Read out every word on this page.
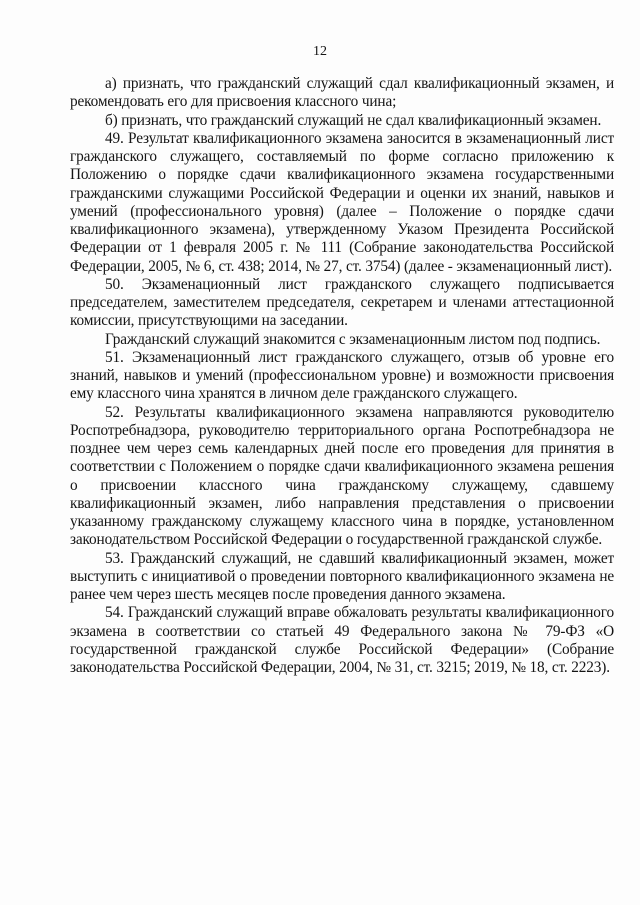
12

а) признать, что гражданский служащий сдал квалификационный экзамен, и рекомендовать его для присвоения классного чина;

б) признать, что гражданский служащий не сдал квалификационный экзамен.

49. Результат квалификационного экзамена заносится в экзаменационный лист гражданского служащего, составляемый по форме согласно приложению к Положению о порядке сдачи квалификационного экзамена государственными гражданскими служащими Российской Федерации и оценки их знаний, навыков и умений (профессионального уровня) (далее – Положение о порядке сдачи квалификационного экзамена), утвержденному Указом Президента Российской Федерации от 1 февраля 2005 г. № 111 (Собрание законодательства Российской Федерации, 2005, № 6, ст. 438; 2014, № 27, ст. 3754) (далее - экзаменационный лист).

50. Экзаменационный лист гражданского служащего подписывается председателем, заместителем председателя, секретарем и членами аттестационной комиссии, присутствующими на заседании.

Гражданский служащий знакомится с экзаменационным листом под подпись.

51. Экзаменационный лист гражданского служащего, отзыв об уровне его знаний, навыков и умений (профессиональном уровне) и возможности присвоения ему классного чина хранятся в личном деле гражданского служащего.

52. Результаты квалификационного экзамена направляются руководителю Роспотребнадзора, руководителю территориального органа Роспотребнадзора не позднее чем через семь календарных дней после его проведения для принятия в соответствии с Положением о порядке сдачи квалификационного экзамена решения о присвоении классного чина гражданскому служащему, сдавшему квалификационный экзамен, либо направления представления о присвоении указанному гражданскому служащему классного чина в порядке, установленном законодательством Российской Федерации о государственной гражданской службе.

53. Гражданский служащий, не сдавший квалификационный экзамен, может выступить с инициативой о проведении повторного квалификационного экзамена не ранее чем через шесть месяцев после проведения данного экзамена.

54. Гражданский служащий вправе обжаловать результаты квалификационного экзамена в соответствии со статьей 49 Федерального закона № 79-ФЗ «О государственной гражданской службе Российской Федерации» (Собрание законодательства Российской Федерации, 2004, № 31, ст. 3215; 2019, № 18, ст. 2223).
